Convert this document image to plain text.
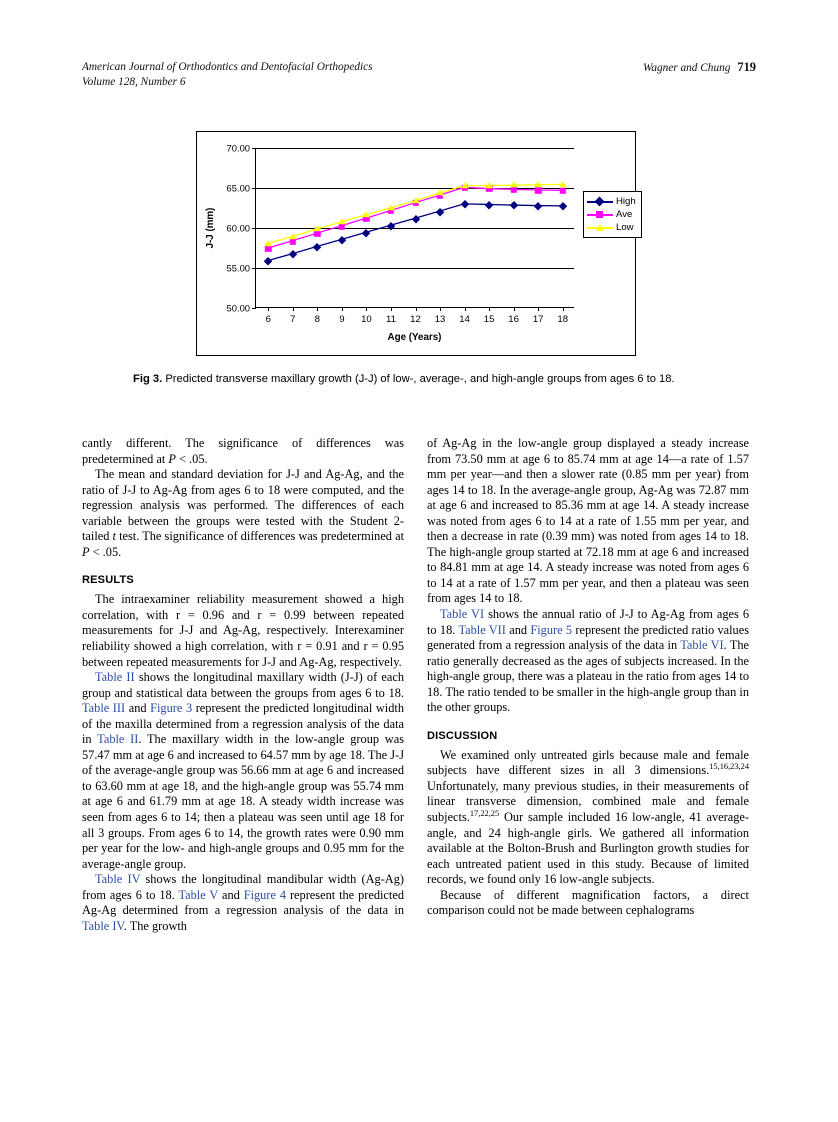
American Journal of Orthodontics and Dentofacial Orthopedics
Volume 128, Number 6
Wagner and Chung 719
J-J (mm)
Age (Years)
50.00
55.00
60.00
65.00
70.00
6 7 8 9 10 11 12 13 14 15 16 17 18
High
Ave
Low
Fig 3. Predicted transverse maxillary growth (J-J) of low-, average-, and high-angle groups from ages 6 to 18.

cantly different. The significance of differences was predetermined at P < .05.

The mean and standard deviation for J-J and Ag-Ag, and the ratio of J-J to Ag-Ag from ages 6 to 18 were computed, and the regression analysis was performed. The differences of each variable between the groups were tested with the Student 2-tailed t test. The significance of differences was predetermined at P < .05.

RESULTS

The intraexaminer reliability measurement showed a high correlation, with r = 0.96 and r = 0.99 between repeated measurements for J-J and Ag-Ag, respectively. Interexaminer reliability showed a high correlation, with r = 0.91 and r = 0.95 between repeated measurements for J-J and Ag-Ag, respectively.

Table II shows the longitudinal maxillary width (J-J) of each group and statistical data between the groups from ages 6 to 18. Table III and Figure 3 represent the predicted longitudinal width of the maxilla determined from a regression analysis of the data in Table II. The maxillary width in the low-angle group was 57.47 mm at age 6 and increased to 64.57 mm by age 18. The J-J of the average-angle group was 56.66 mm at age 6 and increased to 63.60 mm at age 18, and the high-angle group was 55.74 mm at age 6 and 61.79 mm at age 18. A steady width increase was seen from ages 6 to 14; then a plateau was seen until age 18 for all 3 groups. From ages 6 to 14, the growth rates were 0.90 mm per year for the low- and high-angle groups and 0.95 mm for the average-angle group.

Table IV shows the longitudinal mandibular width (Ag-Ag) from ages 6 to 18. Table V and Figure 4 represent the predicted Ag-Ag determined from a regression analysis of the data in Table IV. The growth

of Ag-Ag in the low-angle group displayed a steady increase from 73.50 mm at age 6 to 85.74 mm at age 14—a rate of 1.57 mm per year—and then a slower rate (0.85 mm per year) from ages 14 to 18. In the average-angle group, Ag-Ag was 72.87 mm at age 6 and increased to 85.36 mm at age 14. A steady increase was noted from ages 6 to 14 at a rate of 1.55 mm per year, and then a decrease in rate (0.39 mm) was noted from ages 14 to 18. The high-angle group started at 72.18 mm at age 6 and increased to 84.81 mm at age 14. A steady increase was noted from ages 6 to 14 at a rate of 1.57 mm per year, and then a plateau was seen from ages 14 to 18.

Table VI shows the annual ratio of J-J to Ag-Ag from ages 6 to 18. Table VII and Figure 5 represent the predicted ratio values generated from a regression analysis of the data in Table VI. The ratio generally decreased as the ages of subjects increased. In the high-angle group, there was a plateau in the ratio from ages 14 to 18. The ratio tended to be smaller in the high-angle group than in the other groups.

DISCUSSION

We examined only untreated girls because male and female subjects have different sizes in all 3 dimensions.$^{15,16,23,24}$ Unfortunately, many previous studies, in their measurements of linear transverse dimension, combined male and female subjects.$^{17,22,25}$ Our sample included 16 low-angle, 41 average-angle, and 24 high-angle girls. We gathered all information available at the Bolton-Brush and Burlington growth studies for each untreated patient used in this study. Because of limited records, we found only 16 low-angle subjects.

Because of different magnification factors, a direct comparison could not be made between cephalograms
